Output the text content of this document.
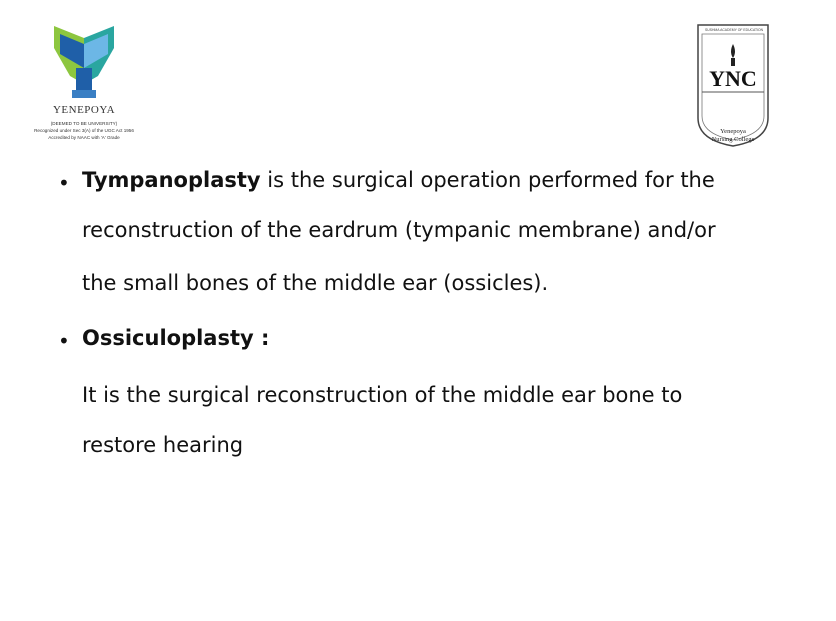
YENEPOYA
(DEEMED TO BE UNIVERSITY)
Recognized under Sec 3(A) of the UGC Act 1956
Accredited by NAAC with 'A' Grade
YNC
SUSHMA ACADEMY OF EDUCATION
Yenepoya
Nursing College
• Tympanoplasty is the surgical operation performed for the
reconstruction of the eardrum (tympanic membrane) and/or
the small bones of the middle ear (ossicles).
• Ossiculoplasty :
It is the surgical reconstruction of the middle ear bone to
restore hearing
